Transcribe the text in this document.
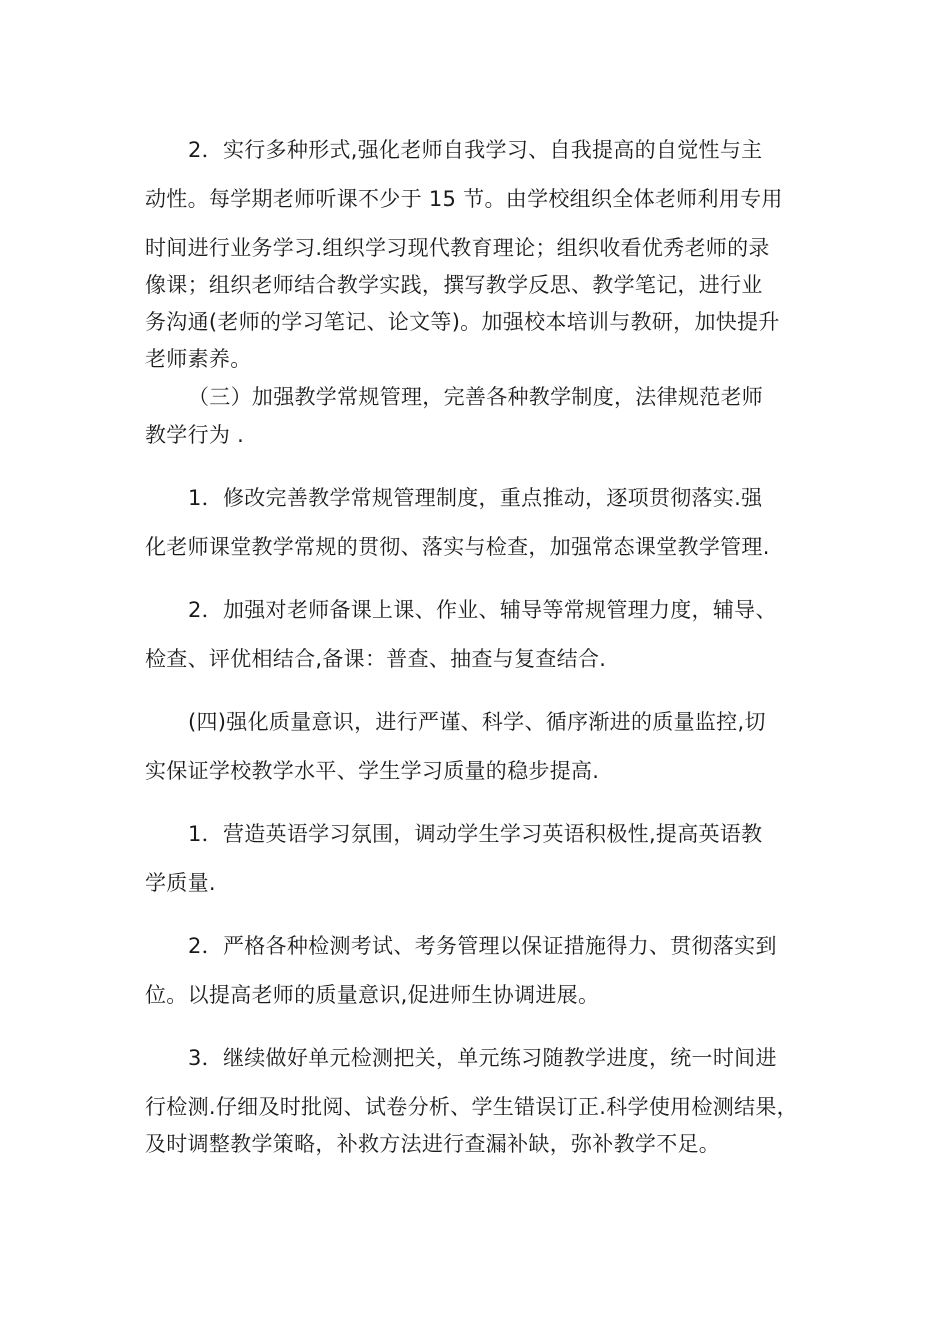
2．实行多种形式,强化老师自我学习、自我提高的自觉性与主
动性。每学期老师听课不少于 15 节。由学校组织全体老师利用专用
时间进行业务学习.组织学习现代教育理论；组织收看优秀老师的录
像课；组织老师结合教学实践，撰写教学反思、教学笔记，进行业
务沟通(老师的学习笔记、论文等)。加强校本培训与教研，加快提升
老师素养。
（三）加强教学常规管理，完善各种教学制度，法律规范老师
教学行为 .
1．修改完善教学常规管理制度，重点推动，逐项贯彻落实.强
化老师课堂教学常规的贯彻、落实与检查，加强常态课堂教学管理.
2．加强对老师备课上课、作业、辅导等常规管理力度，辅导、
检查、评优相结合,备课：普查、抽查与复查结合.
(四)强化质量意识，进行严谨、科学、循序渐进的质量监控,切
实保证学校教学水平、学生学习质量的稳步提高.
1．营造英语学习氛围，调动学生学习英语积极性,提高英语教
学质量.
2．严格各种检测考试、考务管理以保证措施得力、贯彻落实到
位。以提高老师的质量意识,促进师生协调进展。
3．继续做好单元检测把关，单元练习随教学进度，统一时间进
行检测.仔细及时批阅、试卷分析、学生错误订正.科学使用检测结果，
及时调整教学策略，补救方法进行查漏补缺，弥补教学不足。
